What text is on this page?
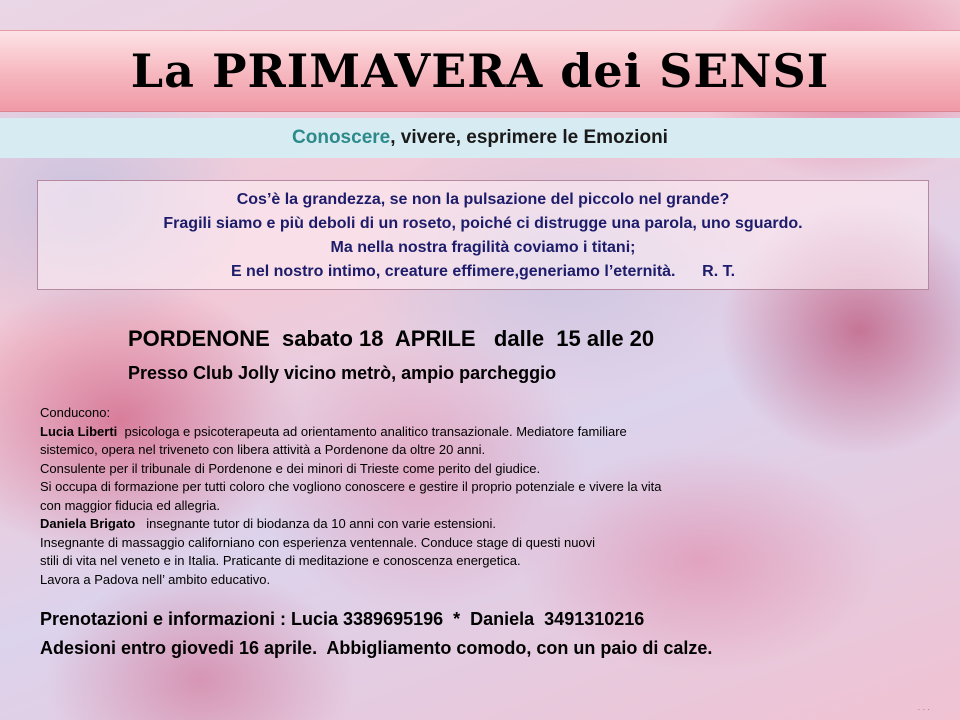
La PRIMAVERA dei SENSI
Conoscere , vivere, esprimere le Emozioni
Cos’è la grandezza, se non la pulsazione del piccolo nel grande?
Fragili siamo e più deboli di un roseto, poiché ci distrugge una parola, uno sguardo.
Ma nella nostra fragilità coviamo i titani;
E nel nostro intimo, creature effimere,generiamo l’eternità.      R. T.
PORDENONE  sabato 18  APRILE   dalle  15 alle 20
Presso Club Jolly vicino metrò, ampio parcheggio
Conducono:
Lucia Liberti  psicologa e psicoterapeuta ad orientamento analitico transazionale. Mediatore familiare
sistemico, opera nel triveneto con libera attività a Pordenone da oltre 20 anni.
Consulente per il tribunale di Pordenone e dei minori di Trieste come perito del giudice.
Si occupa di formazione per tutti coloro che vogliono conoscere e gestire il proprio potenziale e vivere la vita
con maggior fiducia ed allegria.
Daniela Brigato   insegnante tutor di biodanza da 10 anni con varie estensioni.
Insegnante di massaggio californiano con esperienza ventennale. Conduce stage di questi nuovi
stili di vita nel veneto e in Italia. Praticante di meditazione e conoscenza energetica.
Lavora a Padova nell’ ambito educativo.
Prenotazioni e informazioni : Lucia 3389695196  *  Daniela  3491310216
Adesioni entro giovedi 16 aprile.  Abbigliamento comodo, con un paio di calze.
· · ·
